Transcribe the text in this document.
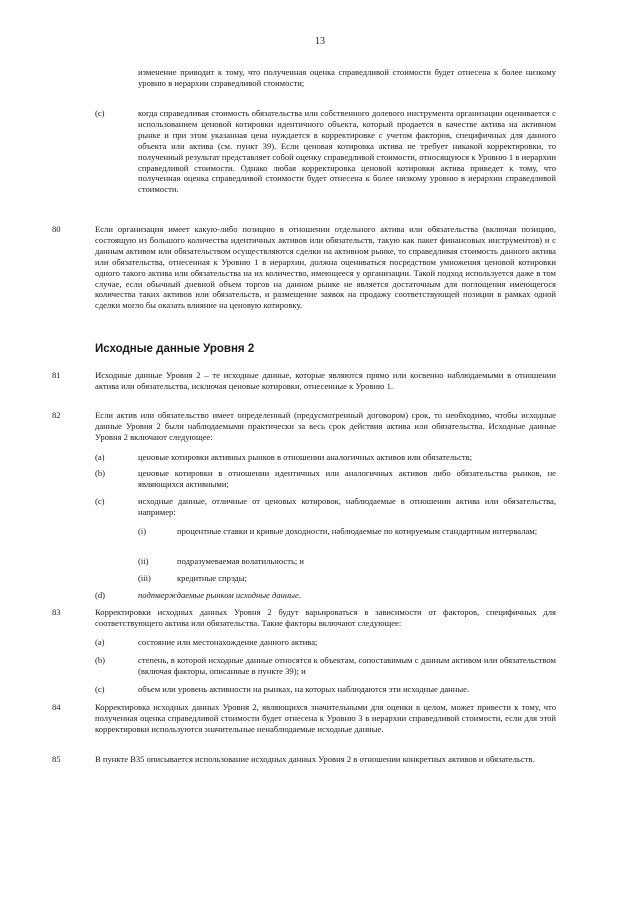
13
изменение приводит к тому, что полученная оценка справедливой стоимости будет отнесена к более низкому уровню в иерархии справедливой стоимости;
(c)	когда справедливая стоимость обязательства или собственного долевого инструмента организации оценивается с использованием ценовой котировки идентичного объекта, который продается в качестве актива на активном рынке и при этом указанная цена нуждается в корректировке с учетом факторов, специфичных для данного объекта или актива (см. пункт 39). Если ценовая котировка актива не требует никакой корректировки, то полученный результат представляет собой оценку справедливой стоимости, относящуюся к Уровню 1 в иерархии справедливой стоимости. Однако любая корректировка ценовой котировки актива приведет к тому, что полученная оценка справедливой стоимости будет отнесена к более низкому уровню в иерархии справедливой стоимости.
80	Если организация имеет какую-либо позицию в отношении отдельного актива или обязательства (включая позицию, состоящую из большого количества идентичных активов или обязательств, такую как пакет финансовых инструментов) и с данным активом или обязательством осуществляются сделки на активном рынке, то справедливая стоимость данного актива или обязательства, отнесенная к Уровню 1 в иерархии, должна оцениваться посредством умножения ценовой котировки одного такого актива или обязательства на их количество, имеющееся у организации. Такой подход используется даже в том случае, если обычный дневной объем торгов на данном рынке не является достаточным для поглощения имеющегося количества таких активов или обязательств, и размещение заявок на продажу соответствующей позиции в рамках одной сделки могло бы оказать влияние на ценовую котировку.
Исходные данные Уровня 2
81	Исходные данные Уровня 2 – те исходные данные, которые являются прямо или косвенно наблюдаемыми в отношении актива или обязательства, исключая ценовые котировки, отнесенные к Уровню 1.
82	Если актив или обязательство имеет определенный (предусмотренный договором) срок, то необходимо, чтобы исходные данные Уровня 2 были наблюдаемыми практически за весь срок действия актива или обязательства. Исходные данные Уровня 2 включают следующее:
(a)	ценовые котировки активных рынков в отношении аналогичных активов или обязательств;
(b)	ценовые котировки в отношении идентичных или аналогичных активов либо обязательства рынков, не являющихся активными;
(c)	исходные данные, отличные от ценовых котировок, наблюдаемые в отношении актива или обязательства, например:
(i)	процентные ставки и кривые доходности, наблюдаемые по котируемым стандартным интервалам;
(ii)	подразумеваемая волатильность; и
(iii)	кредитные спрэды;
(d)	подтверждаемые рынком исходные данные.
83	Корректировки исходных данных Уровня 2 будут варьироваться в зависимости от факторов, специфичных для соответствующего актива или обязательства. Такие факторы включают следующее:
(a)	состояние или местонахождение данного актива;
(b)	степень, в которой исходные данные относятся к объектам, сопоставимым с данным активом или обязательством (включая факторы, описанные в пункте 39); и
(c)	объем или уровень активности на рынках, на которых наблюдаются эти исходные данные.
84	Корректировка исходных данных Уровня 2, являющихся значительными для оценки в целом, может привести к тому, что полученная оценка справедливой стоимости будет отнесена к Уровню 3 в иерархии справедливой стоимости, если для этой корректировки используются значительные ненаблюдаемые исходные данные.
85	В пункте B35 описывается использование исходных данных Уровня 2 в отношении конкретных активов и обязательств.
